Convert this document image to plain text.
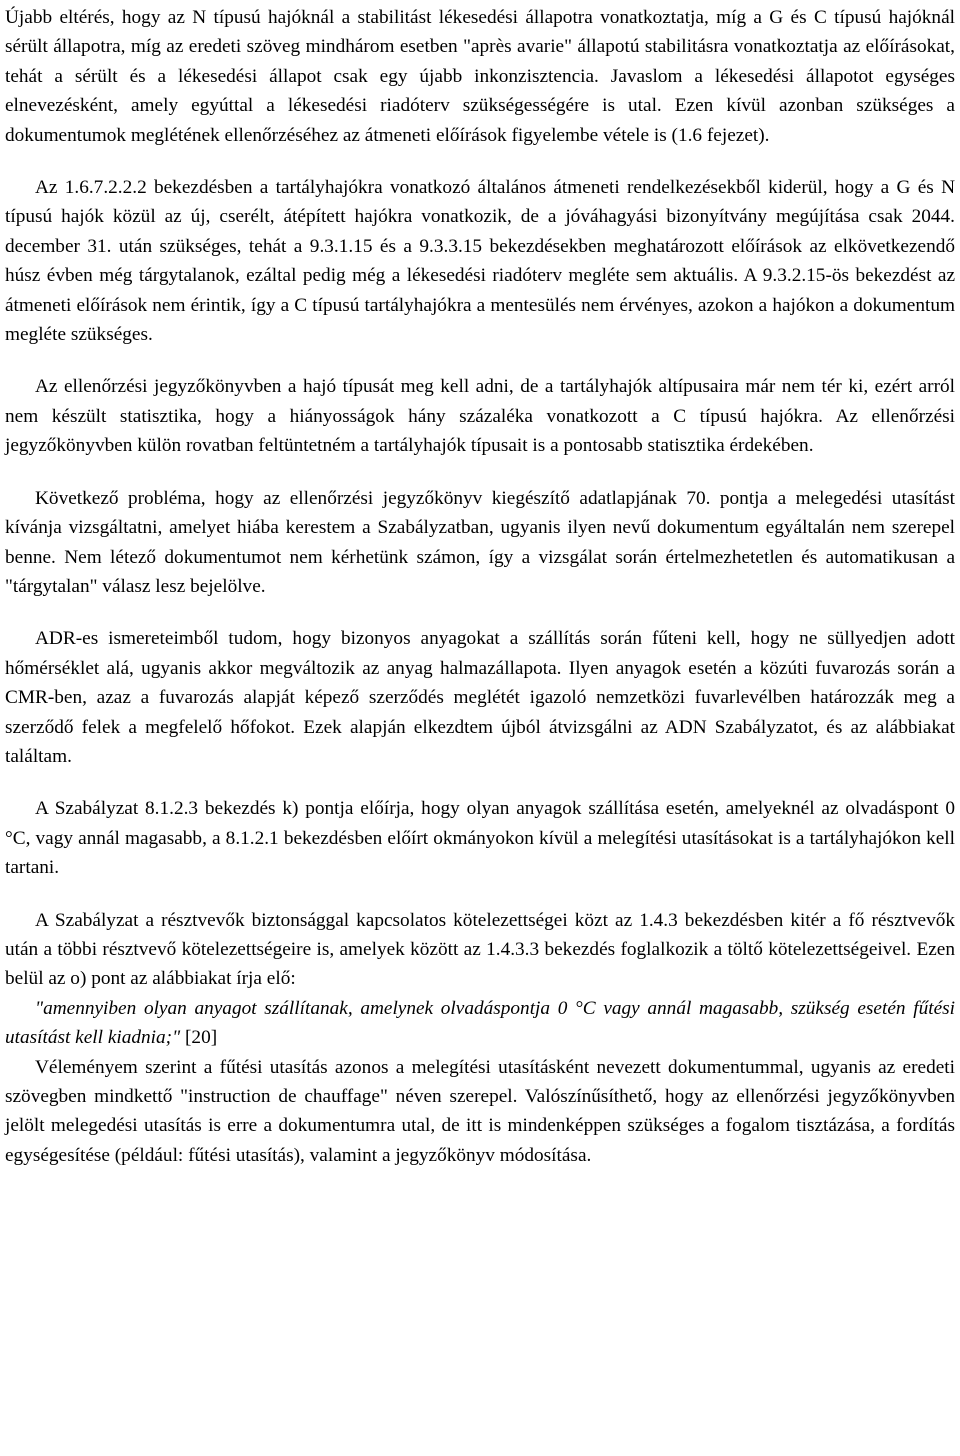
Újabb eltérés, hogy az N típusú hajóknál a stabilitást lékesedési állapotra vonatkoztatja, míg a G és C típusú hajóknál sérült állapotra, míg az eredeti szöveg mindhárom esetben "après avarie" állapotú stabilitásra vonatkoztatja az előírásokat, tehát a sérült és a lékesedési állapot csak egy újabb inkonzisztencia. Javaslom a lékesedési állapotot egységes elnevezésként, amely egyúttal a lékesedési riadóterv szükségességére is utal. Ezen kívül azonban szükséges a dokumentumok meglétének ellenőrzéséhez az átmeneti előírások figyelembe vétele is (1.6 fejezet).

Az 1.6.7.2.2.2 bekezdésben a tartályhajókra vonatkozó általános átmeneti rendelkezésekből kiderül, hogy a G és N típusú hajók közül az új, cserélt, átépített hajókra vonatkozik, de a jóváhagyási bizonyítvány megújítása csak 2044. december 31. után szükséges, tehát a 9.3.1.15 és a 9.3.3.15 bekezdésekben meghatározott előírások az elkövetkezendő húsz évben még tárgytalanok, ezáltal pedig még a lékesedési riadóterv megléte sem aktuális. A 9.3.2.15-ös bekezdést az átmeneti előírások nem érintik, így a C típusú tartályhajókra a mentesülés nem érvényes, azokon a hajókon a dokumentum megléte szükséges.

Az ellenőrzési jegyzőkönyvben a hajó típusát meg kell adni, de a tartályhajók altípusaira már nem tér ki, ezért arról nem készült statisztika, hogy a hiányosságok hány százaléka vonatkozott a C típusú hajókra. Az ellenőrzési jegyzőkönyvben külön rovatban feltüntetném a tartályhajók típusait is a pontosabb statisztika érdekében.

Következő probléma, hogy az ellenőrzési jegyzőkönyv kiegészítő adatlapjának 70. pontja a melegedési utasítást kívánja vizsgáltatni, amelyet hiába kerestem a Szabályzatban, ugyanis ilyen nevű dokumentum egyáltalán nem szerepel benne. Nem létező dokumentumot nem kérhetünk számon, így a vizsgálat során értelmezhetetlen és automatikusan a "tárgytalan" válasz lesz bejelölve.

ADR-es ismereteimből tudom, hogy bizonyos anyagokat a szállítás során fűteni kell, hogy ne süllyedjen adott hőmérséklet alá, ugyanis akkor megváltozik az anyag halmazállapota. Ilyen anyagok esetén a közúti fuvarozás során a CMR-ben, azaz a fuvarozás alapját képező szerződés meglétét igazoló nemzetközi fuvarlevélben határozzák meg a szerződő felek a megfelelő hőfokot. Ezek alapján elkezdtem újból átvizsgálni az ADN Szabályzatot, és az alábbiakat találtam.

A Szabályzat 8.1.2.3 bekezdés k) pontja előírja, hogy olyan anyagok szállítása esetén, amelyeknél az olvadáspont 0 °C, vagy annál magasabb, a 8.1.2.1 bekezdésben előírt okmányokon kívül a melegítési utasításokat is a tartályhajókon kell tartani.

A Szabályzat a résztvevők biztonsággal kapcsolatos kötelezettségei közt az 1.4.3 bekezdésben kitér a fő résztvevők után a többi résztvevő kötelezettségeire is, amelyek között az 1.4.3.3 bekezdés foglalkozik a töltő kötelezettségeivel. Ezen belül az o) pont az alábbiakat írja elő:

"amennyiben olyan anyagot szállítanak, amelynek olvadáspontja 0 °C vagy annál magasabb, szükség esetén fűtési utasítást kell kiadnia;" [20]

Véleményem szerint a fűtési utasítás azonos a melegítési utasításként nevezett dokumentummal, ugyanis az eredeti szövegben mindkettő "instruction de chauffage" néven szerepel. Valószínűsíthető, hogy az ellenőrzési jegyzőkönyvben jelölt melegedési utasítás is erre a dokumentumra utal, de itt is mindenképpen szükséges a fogalom tisztázása, a fordítás egységesítése (például: fűtési utasítás), valamint a jegyzőkönyv módosítása.
